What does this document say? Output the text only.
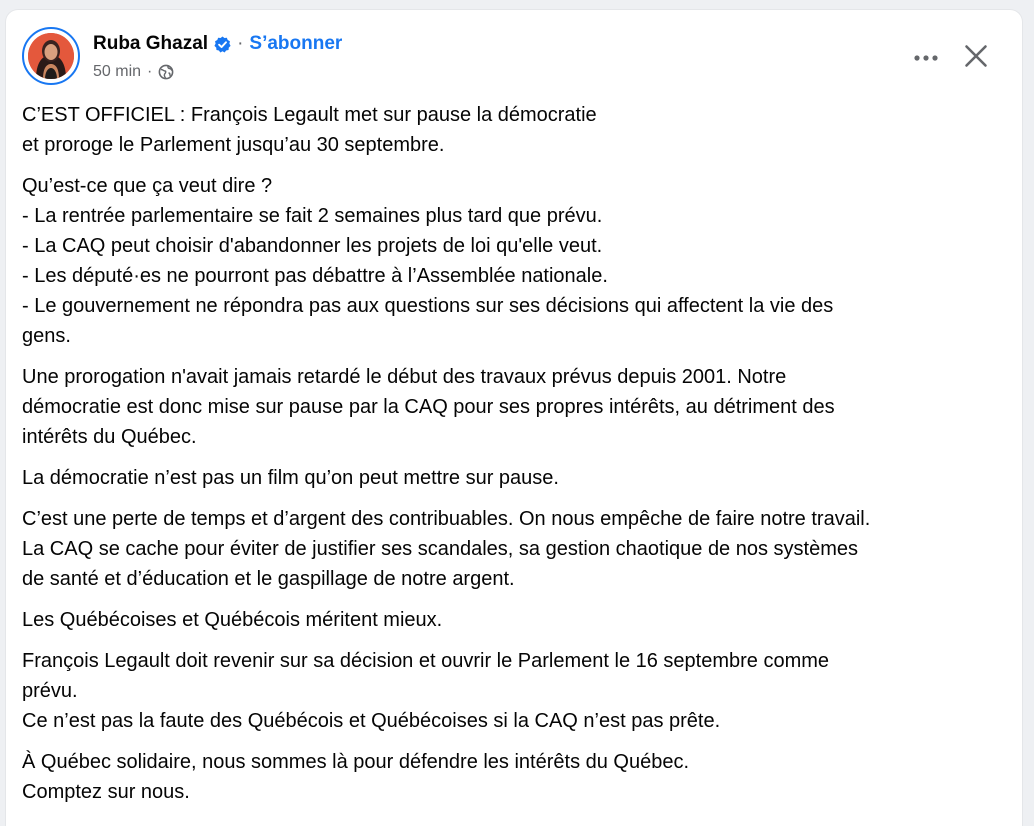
Ruba Ghazal · S’abonner
50 min ·
C’EST OFFICIEL : François Legault met sur pause la démocratie
et proroge le Parlement jusqu’au 30 septembre.
Qu’est-ce que ça veut dire ?
- La rentrée parlementaire se fait 2 semaines plus tard que prévu.
- La CAQ peut choisir d'abandonner les projets de loi qu'elle veut.
- Les député·es ne pourront pas débattre à l’Assemblée nationale.
- Le gouvernement ne répondra pas aux questions sur ses décisions qui affectent la vie des
gens.
Une prorogation n'avait jamais retardé le début des travaux prévus depuis 2001. Notre
démocratie est donc mise sur pause par la CAQ pour ses propres intérêts, au détriment des
intérêts du Québec.
La démocratie n’est pas un film qu’on peut mettre sur pause.
C’est une perte de temps et d’argent des contribuables. On nous empêche de faire notre travail.
La CAQ se cache pour éviter de justifier ses scandales, sa gestion chaotique de nos systèmes
de santé et d’éducation et le gaspillage de notre argent.
Les Québécoises et Québécois méritent mieux.
François Legault doit revenir sur sa décision et ouvrir le Parlement le 16 septembre comme
prévu.
Ce n’est pas la faute des Québécois et Québécoises si la CAQ n’est pas prête.
À Québec solidaire, nous sommes là pour défendre les intérêts du Québec.
Comptez sur nous.
